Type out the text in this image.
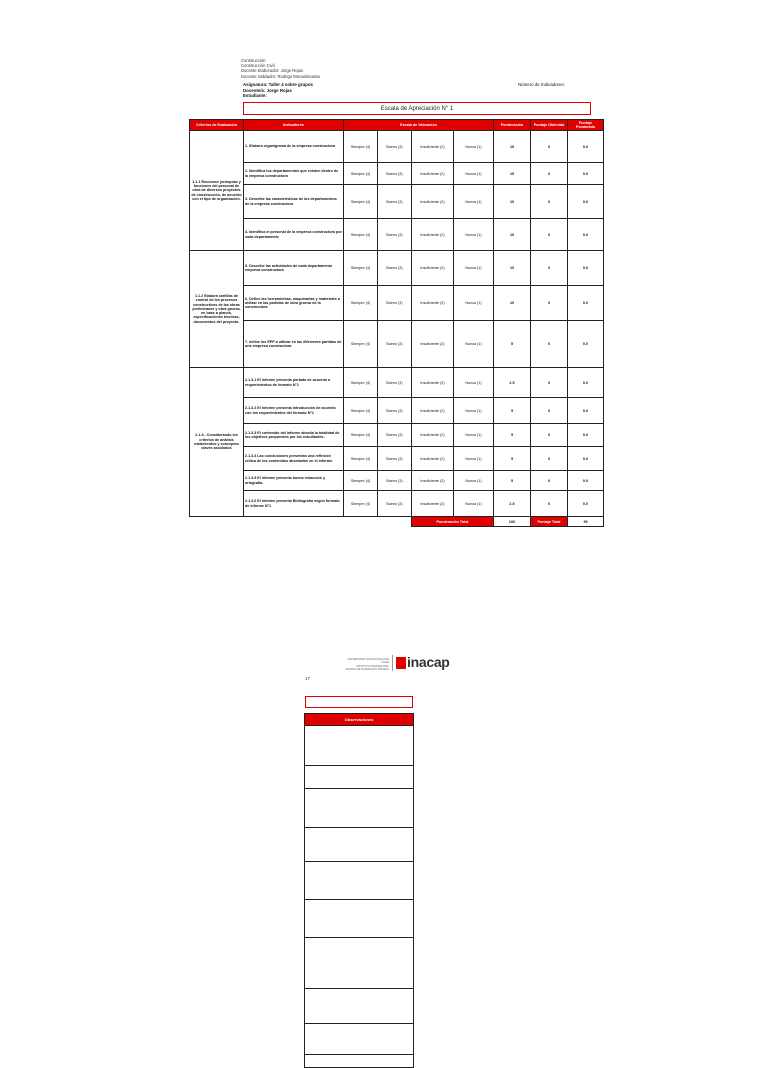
Construcción
Construcción Civil
Docente Elaborador: Jorge Rojas
Docente Validador: Rodrigo Monardecasta
Asignatura: Taller 4 sobre grupos
Docente/s: Jorge Rojas
Estudiante:
Número de Indicadores:
Escala de Apreciación N° 1
Criterios de Evaluación	Indicadores	Escala de Valoración				Ponderación	Puntaje Obtenido	Puntaje Ponderado
1.1.1 Reconoce jerarquías y funciones del personal de obra de diversos proyectos de construcción, de acuerdo con el tipo de organización.	1. Elabora organigrama de la empresa constructora	Siempre (4)	Bueno (3)	Insuficiente (2)	Nunca (1)	15	0	0.0
	2. Identifica los departamentos que existen dentro de la empresa constructora	Siempre (4)	Bueno (3)	Insuficiente (2)	Nunca (1)	15	0	0.0
	3. Describe las características de los departamentos de la empresa constructora	Siempre (4)	Bueno (3)	Insuficiente (2)	Nunca (1)	10	0	0.0
	4. Identifica el personal de la empresa constructora por cada departamento	Siempre (4)	Bueno (3)	Insuficiente (2)	Nunca (1)	10	0	0.0
1.1.2 Elabora cartillas de control de los procesos constructivos de las obras preliminares y obra gruesa, en base a planos, especificaciones técnicas, documentos del proyecto.	5. Describe las actividades de cada departamento empresa constructora	Siempre (4)	Bueno (3)	Insuficiente (2)	Nunca (1)	10	0	0.0
	6. Define las herramientas, maquinarias y materiales a utilizar en las partidas de obra gruesa de la constructora	Siempre (4)	Bueno (3)	Insuficiente (2)	Nunca (1)	10	0	0.0
	7. define los EPP a utilizar en las diferentes partidas de una empresa constructora	Siempre (4)	Bueno (3)	Insuficiente (2)	Nunca (1)	5	0	0.0
2.1.3.- Considerando los criterios de análisis establecidos y conceptos claves asociados	2.1.3.1 El informe presenta portada de acuerdo a requerimientos de formato N°1	Siempre (4)	Bueno (3)	Insuficiente (2)	Nunca (1)	2.5	0	0.0
	2.1.3.2 El informe presenta introducción de acuerdo con los requerimientos del formato N°1	Siempre (4)	Bueno (3)	Insuficiente (2)	Nunca (1)	5	0	0.0
	2.1.3.3 El contenido del informe aborda la totalidad de los objetivos propuestos por los estudiantes.	Siempre (4)	Bueno (3)	Insuficiente (2)	Nunca (1)	5	0	0.0
	2.1.3.4 Las conclusiones presentan una reflexión crítica de los contenidos abordados en el informe.	Siempre (4)	Bueno (3)	Insuficiente (2)	Nunca (1)	5	0	0.0
	2.1.3.5 El informe presenta buena redacción y ortografía.	Siempre (4)	Bueno (3)	Insuficiente (2)	Nunca (1)	5	0	0.0
	2.1.3.6 El informe presenta Bibliografía según formato de informe N°1	Siempre (4)	Bueno (3)	Insuficiente (2)	Nunca (1)	2.5	0	0.0
				Ponderación Total		100	Puntaje Total	99
UNIVERSIDAD TECNOLÓGICA DE CHILE
INSTITUTO PROFESIONAL
CENTRO DE FORMACIÓN TÉCNICA inacap
17
Observaciones
